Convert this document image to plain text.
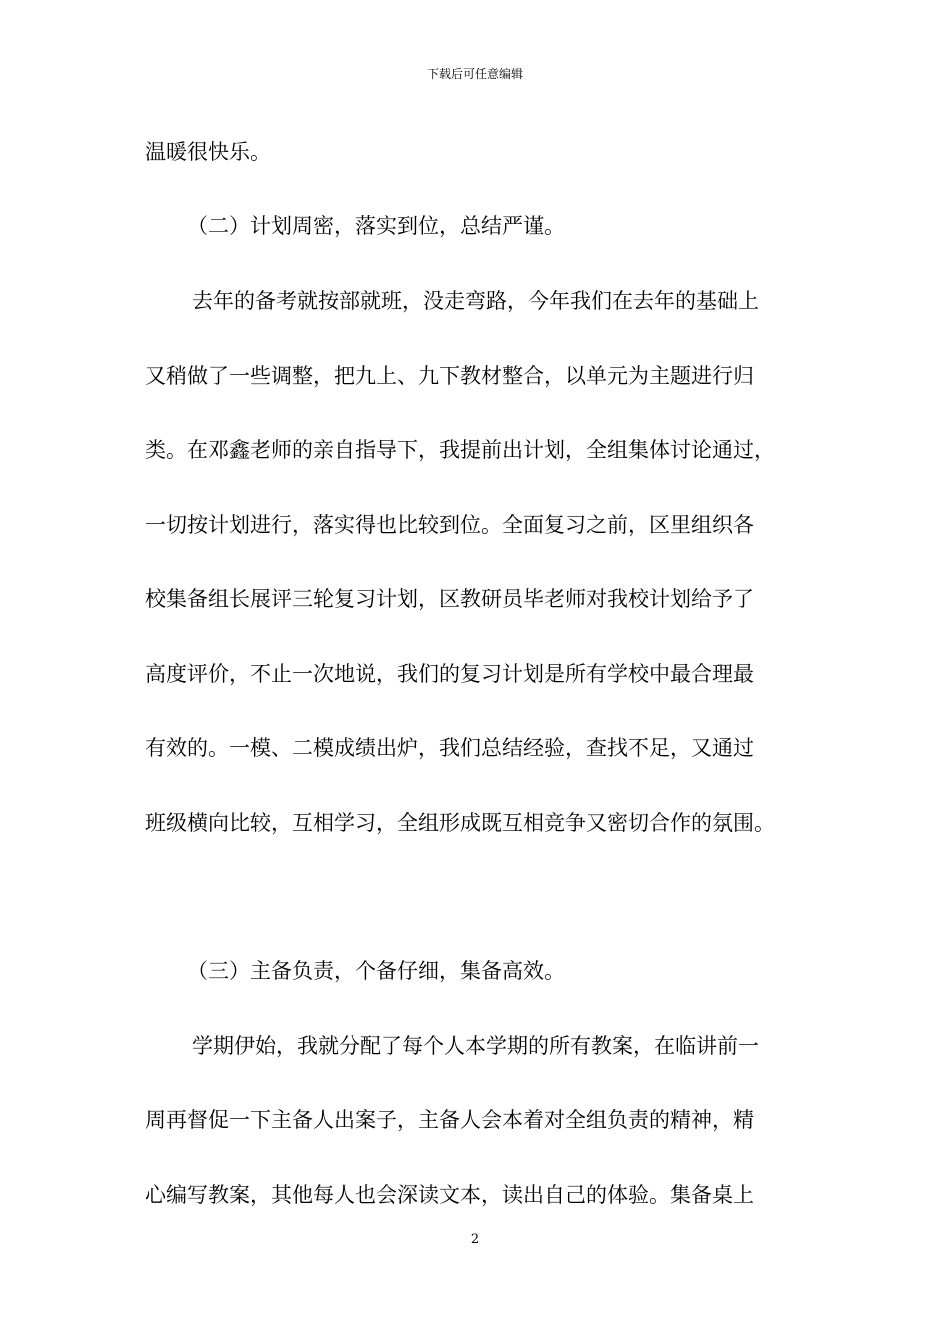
下载后可任意编辑
温暖很快乐。
（二）计划周密，落实到位，总结严谨。
去年的备考就按部就班，没走弯路，今年我们在去年的基础上
又稍做了一些调整，把九上、九下教材整合，以单元为主题进行归
类。在邓鑫老师的亲自指导下，我提前出计划，全组集体讨论通过，
一切按计划进行，落实得也比较到位。全面复习之前，区里组织各
校集备组长展评三轮复习计划，区教研员毕老师对我校计划给予了
高度评价，不止一次地说，我们的复习计划是所有学校中最合理最
有效的。一模、二模成绩出炉，我们总结经验，查找不足，又通过
班级横向比较，互相学习，全组形成既互相竞争又密切合作的氛围。
（三）主备负责，个备仔细，集备高效。
学期伊始，我就分配了每个人本学期的所有教案，在临讲前一
周再督促一下主备人出案子，主备人会本着对全组负责的精神，精
心编写教案，其他每人也会深读文本，读出自己的体验。集备桌上
2
